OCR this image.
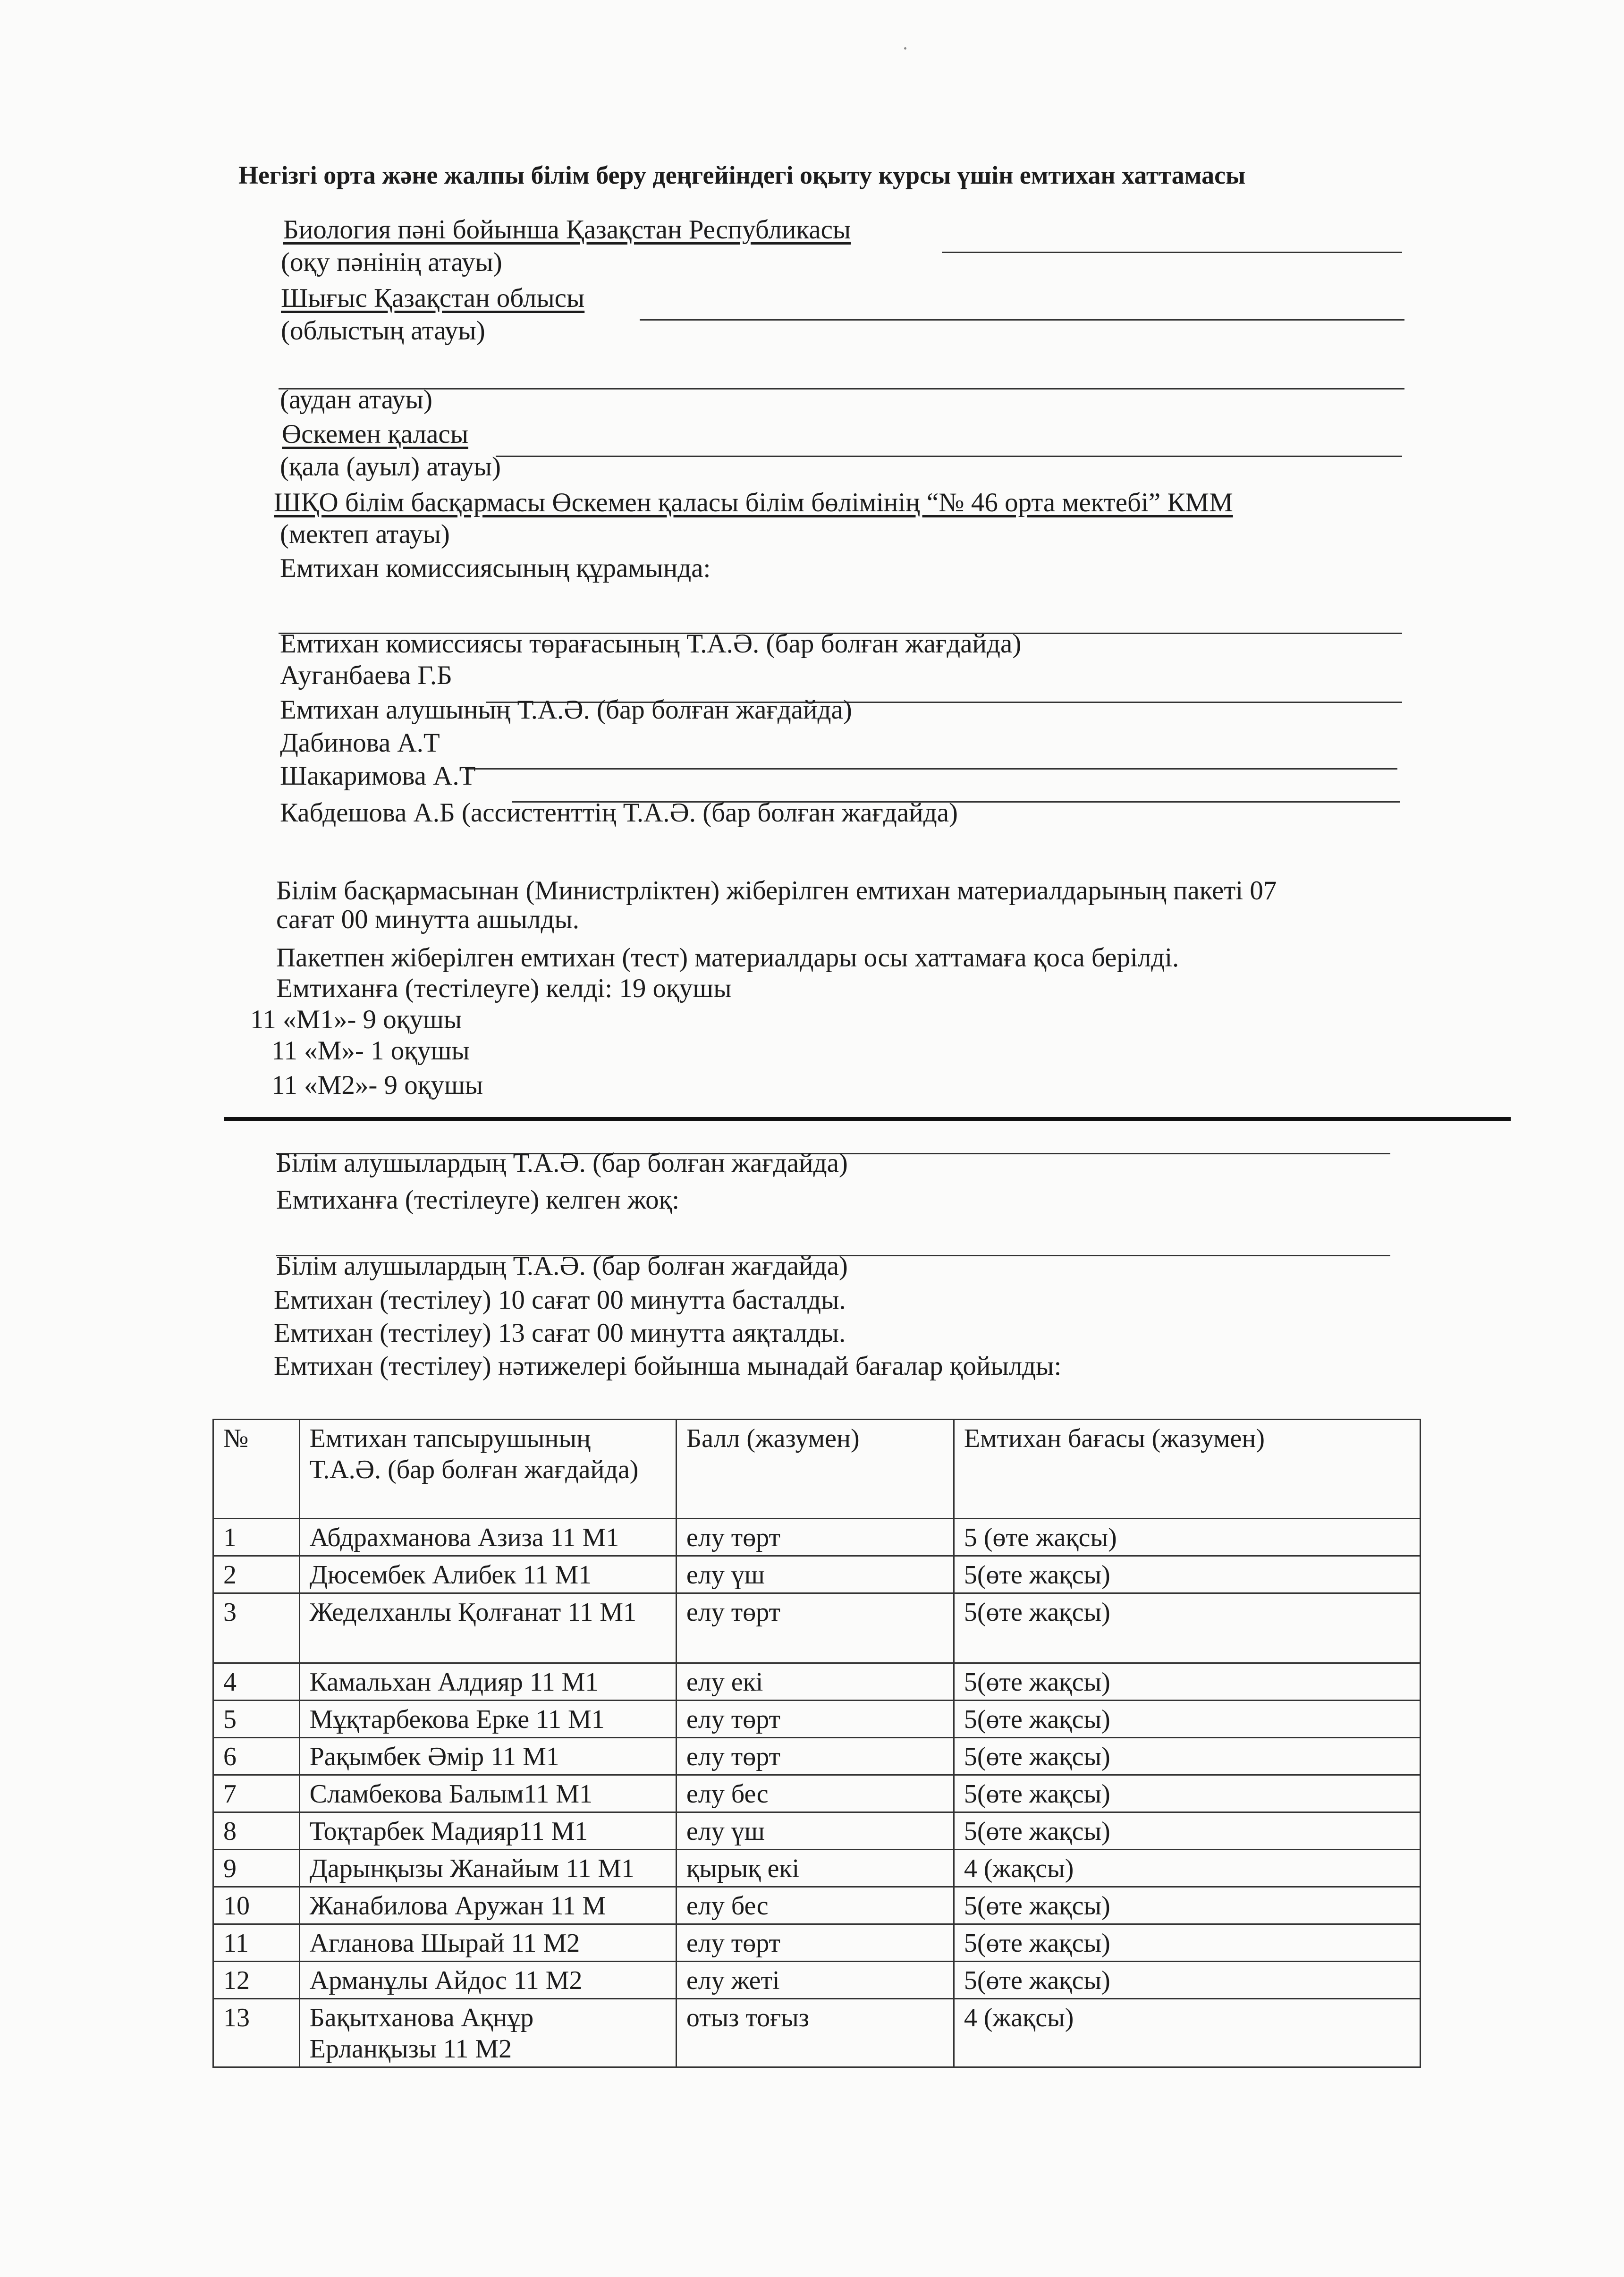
Негізгі орта және жалпы білім беру деңгейіндегі оқыту курсы үшін емтихан хаттамасы
Биология пәні бойынша Қазақстан Республикасы
(оқу пәнінің атауы)
Шығыс Қазақстан облысы
(облыстың атауы)
(аудан атауы)
Өскемен қаласы
(қала (ауыл) атауы)
ШҚО білім басқармасы Өскемен қаласы білім бөлімінің “№ 46 орта мектебі” КММ
(мектеп атауы)
Емтихан комиссиясының құрамында:
Емтихан комиссиясы төрағасының Т.А.Ә. (бар болған жағдайда)
Ауганбаева Г.Б
Емтихан алушының Т.А.Ә. (бар болған жағдайда)
Дабинова А.Т
Шакаримова А.Т
Кабдешова А.Б (ассистенттің Т.А.Ә. (бар болған жағдайда)
Білім басқармасынан (Министрліктен) жіберілген емтихан материалдарының пакеті 07
сағат 00 минутта ашылды.
Пакетпен жіберілген емтихан (тест) материалдары осы хаттамаға қоса берілді.
Емтиханға (тестілеуге) келді: 19 оқушы
11 «М1»- 9 оқушы
11 «М»- 1 оқушы
11 «М2»- 9 оқушы
Білім алушылардың Т.А.Ә. (бар болған жағдайда)
Емтиханға (тестілеуге) келген жоқ:
Білім алушылардың Т.А.Ә. (бар болған жағдайда)
Емтихан (тестілеу) 10 сағат 00 минутта басталды.
Емтихан (тестілеу) 13 сағат 00 минутта аяқталды.
Емтихан (тестілеу) нәтижелері бойынша мынадай бағалар қойылды:
№	Емтихан тапсырушының Т.А.Ә. (бар болған жағдайда)	Балл (жазумен)	Емтихан бағасы (жазумен)
1	Абдрахманова Азиза 11 М1	елу төрт	5 (өте жақсы)
2	Дюсембек Алибек 11 М1	елу үш	5(өте жақсы)
3	Жеделханлы Қолғанат 11 М1	елу төрт	5(өте жақсы)
4	Камальхан Алдияр 11 М1	елу екі	5(өте жақсы)
5	Мұқтарбекова Ерке 11 М1	елу төрт	5(өте жақсы)
6	Рақымбек Әмір 11 М1	елу төрт	5(өте жақсы)
7	Сламбекова Балым11 М1	елу бес	5(өте жақсы)
8	Тоқтарбек Мадияр11 М1	елу үш	5(өте жақсы)
9	Дарынқызы Жанайым 11 М1	қырық екі	4 (жақсы)
10	Жанабилова Аружан 11 М	елу бес	5(өте жақсы)
11	Агланова Шырай 11 М2	елу төрт	5(өте жақсы)
12	Арманұлы Айдос 11 М2	елу жеті	5(өте жақсы)
13	Бақытханова Ақнұр Ерланқызы 11 М2	отыз тоғыз	4 (жақсы)
